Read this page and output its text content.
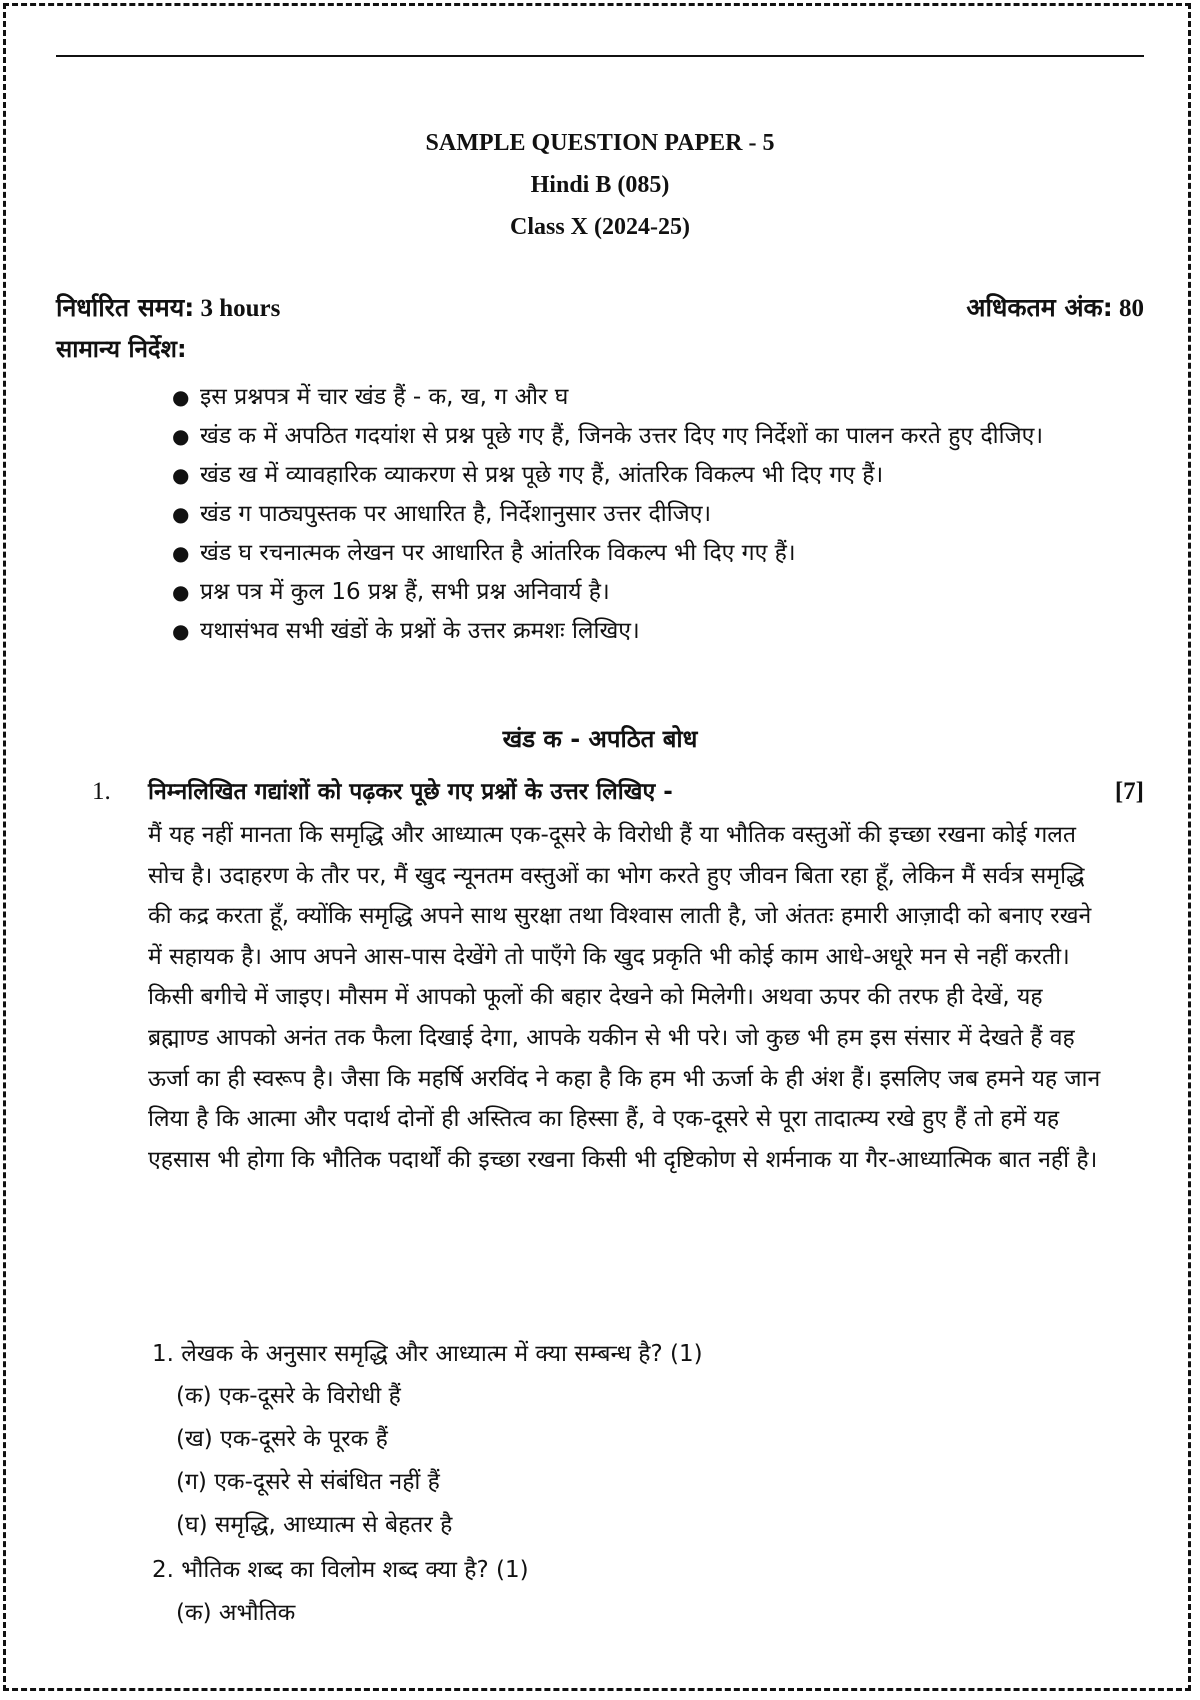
SAMPLE QUESTION PAPER - 5
Hindi B (085)
Class X (2024-25)
निर्धारित समय: 3 hours	अधिकतम अंक: 80
सामान्य निर्देश:
● इस प्रश्नपत्र में चार खंड हैं - क, ख, ग और घ
● खंड क में अपठित गदयांश से प्रश्न पूछे गए हैं, जिनके उत्तर दिए गए निर्देशों का पालन करते हुए दीजिए।
● खंड ख में व्यावहारिक व्याकरण से प्रश्न पूछे गए हैं, आंतरिक विकल्प भी दिए गए हैं।
● खंड ग पाठ्यपुस्तक पर आधारित है, निर्देशानुसार उत्तर दीजिए।
● खंड घ रचनात्मक लेखन पर आधारित है आंतरिक विकल्प भी दिए गए हैं।
● प्रश्न पत्र में कुल 16 प्रश्न हैं, सभी प्रश्न अनिवार्य है।
● यथासंभव सभी खंडों के प्रश्नों के उत्तर क्रमशः लिखिए।
खंड क - अपठित बोध
1. निम्नलिखित गद्यांशों को पढ़कर पूछे गए प्रश्नों के उत्तर लिखिए -	[7]

मैं यह नहीं मानता कि समृद्धि और आध्यात्म एक-दूसरे के विरोधी हैं या भौतिक वस्तुओं की इच्छा रखना कोई गलत सोच है। उदाहरण के तौर पर, मैं खुद न्यूनतम वस्तुओं का भोग करते हुए जीवन बिता रहा हूँ, लेकिन मैं सर्वत्र समृद्धि की कद्र करता हूँ, क्योंकि समृद्धि अपने साथ सुरक्षा तथा विश्वास लाती है, जो अंततः हमारी आज़ादी को बनाए रखने में सहायक है। आप अपने आस-पास देखेंगे तो पाएँगे कि खुद प्रकृति भी कोई काम आधे-अधूरे मन से नहीं करती। किसी बगीचे में जाइए। मौसम में आपको फूलों की बहार देखने को मिलेगी। अथवा ऊपर की तरफ ही देखें, यह ब्रह्माण्ड आपको अनंत तक फैला दिखाई देगा, आपके यकीन से भी परे। जो कुछ भी हम इस संसार में देखते हैं वह ऊर्जा का ही स्वरूप है। जैसा कि महर्षि अरविंद ने कहा है कि हम भी ऊर्जा के ही अंश हैं। इसलिए जब हमने यह जान लिया है कि आत्मा और पदार्थ दोनों ही अस्तित्व का हिस्सा हैं, वे एक-दूसरे से पूरा तादात्म्य रखे हुए हैं तो हमें यह एहसास भी होगा कि भौतिक पदार्थों की इच्छा रखना किसी भी दृष्टिकोण से शर्मनाक या गैर-आध्यात्मिक बात नहीं है।

1. लेखक के अनुसार समृद्धि और आध्यात्म में क्या सम्बन्ध है? (1)
(क) एक-दूसरे के विरोधी हैं
(ख) एक-दूसरे के पूरक हैं
(ग) एक-दूसरे से संबंधित नहीं हैं
(घ) समृद्धि, आध्यात्म से बेहतर है
2. भौतिक शब्द का विलोम शब्द क्या है? (1)
(क) अभौतिक
